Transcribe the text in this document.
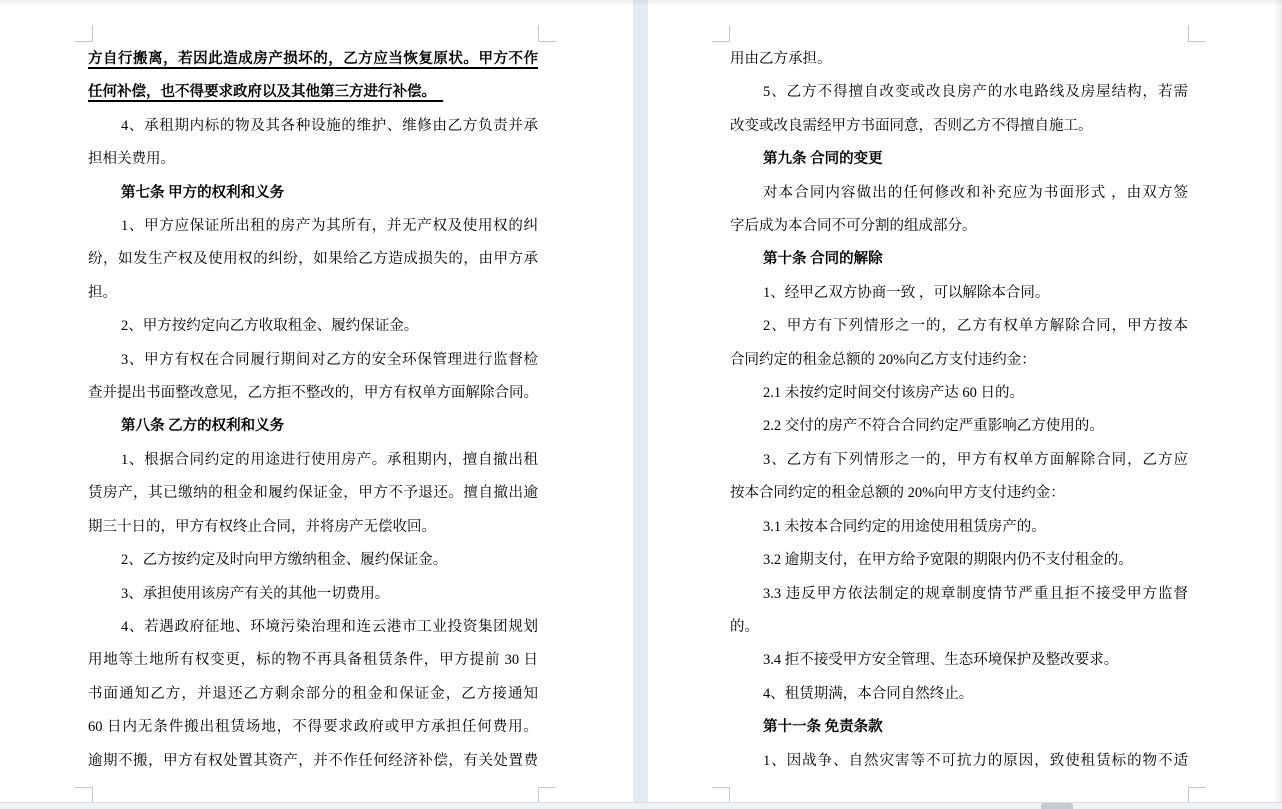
方自行搬离，若因此造成房产损坏的，乙方应当恢复原状。甲方不作
任何补偿，也不得要求政府以及其他第三方进行补偿。　
4、承租期内标的物及其各种设施的维护、维修由乙方负责并承
担相关费用。
第七条 甲方的权利和义务
1、甲方应保证所出租的房产为其所有，并无产权及使用权的纠
纷，如发生产权及使用权的纠纷，如果给乙方造成损失的，由甲方承
担。
2、甲方按约定向乙方收取租金、履约保证金。
3、甲方有权在合同履行期间对乙方的安全环保管理进行监督检
查并提出书面整改意见，乙方拒不整改的，甲方有权单方面解除合同。
第八条 乙方的权利和义务
1、根据合同约定的用途进行使用房产。承租期内，擅自撤出租
赁房产，其已缴纳的租金和履约保证金，甲方不予退还。擅自撤出逾
期三十日的，甲方有权终止合同，并将房产无偿收回。
2、乙方按约定及时向甲方缴纳租金、履约保证金。
3、承担使用该房产有关的其他一切费用。
4、若遇政府征地、环境污染治理和连云港市工业投资集团规划
用地等土地所有权变更，标的物不再具备租赁条件，甲方提前 30 日
书面通知乙方，并退还乙方剩余部分的租金和保证金，乙方接通知
60 日内无条件搬出租赁场地，不得要求政府或甲方承担任何费用。
逾期不搬，甲方有权处置其资产，并不作任何经济补偿，有关处置费
用由乙方承担。
5、乙方不得擅自改变或改良房产的水电路线及房屋结构，若需
改变或改良需经甲方书面同意，否则乙方不得擅自施工。
第九条 合同的变更
对本合同内容做出的任何修改和补充应为书面形式 ，由双方签
字后成为本合同不可分割的组成部分。
第十条 合同的解除
1、经甲乙双方协商一致 ，可以解除本合同。
2、甲方有下列情形之一的，乙方有权单方解除合同，甲方按本
合同约定的租金总额的 20%向乙方支付违约金：
2.1 未按约定时间交付该房产达 60 日的。
2.2 交付的房产不符合合同约定严重影响乙方使用的。
3、乙方有下列情形之一的，甲方有权单方面解除合同，乙方应
按本合同约定的租金总额的 20%向甲方支付违约金：
3.1 未按本合同约定的用途使用租赁房产的。
3.2 逾期支付，在甲方给予宽限的期限内仍不支付租金的。
3.3 违反甲方依法制定的规章制度情节严重且拒不接受甲方监督
的。
3.4 拒不接受甲方安全管理、生态环境保护及整改要求。
4、租赁期满，本合同自然终止。
第十一条 免责条款
1、因战争、自然灾害等不可抗力的原因，致使租赁标的物不适
